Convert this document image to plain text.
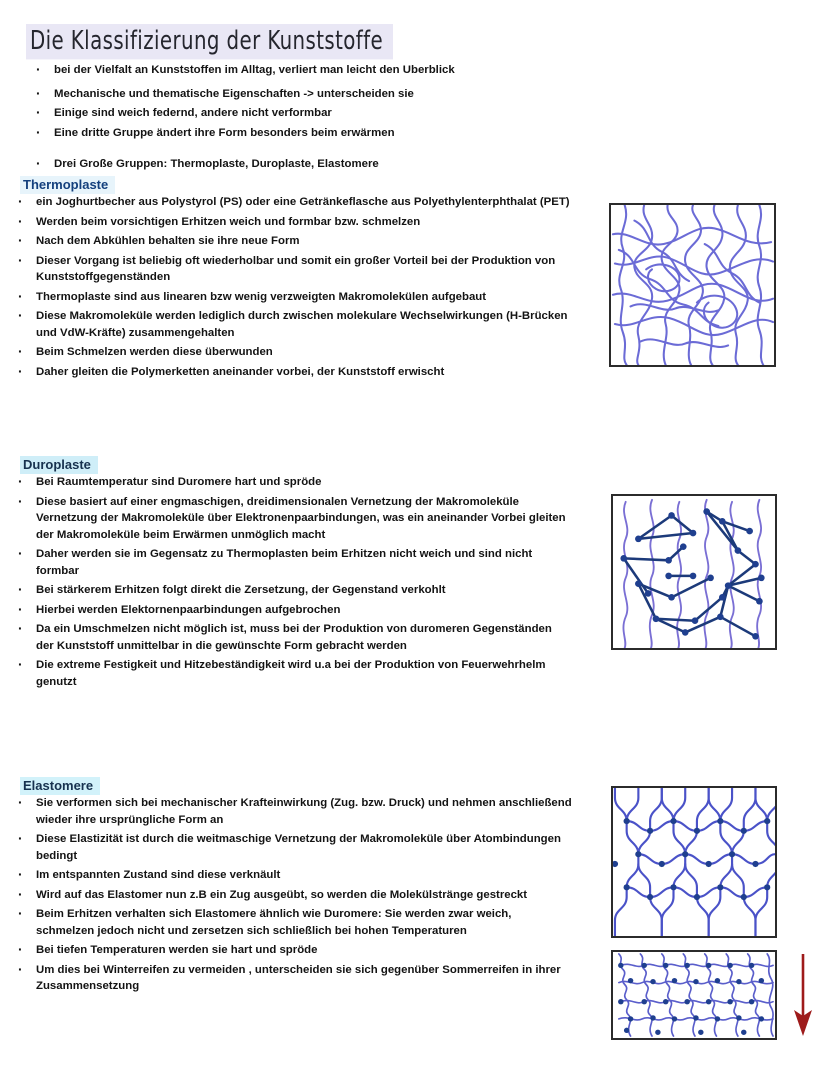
Die Klassifizierung der Kunststoffe
· bei der Vielfalt an Kunststoffen im Alltag, verliert man leicht den Uberblick
· Mechanische und thematische Eigenschaften -> unterscheiden sie
· Einige sind weich federnd, andere nicht verformbar
· Eine dritte Gruppe ändert ihre Form besonders beim erwärmen
· Drei Große Gruppen: Thermoplaste, Duroplaste, Elastomere
Thermoplaste
· ein Joghurtbecher aus Polystyrol (PS) oder eine Getränkeflasche aus Polyethylenterphthalat (PET)
· Werden beim vorsichtigen Erhitzen weich und formbar bzw. schmelzen
· Nach dem Abkühlen behalten sie ihre neue Form
· Dieser Vorgang ist beliebig oft wiederholbar und somit ein großer Vorteil bei der Produktion von Kunststoffgegenständen
· Thermoplaste sind aus linearen bzw wenig verzweigten Makromolekülen aufgebaut
· Diese Makromoleküle werden lediglich durch zwischen molekulare Wechselwirkungen (H-Brücken und VdW-Kräfte) zusammengehalten
· Beim Schmelzen werden diese überwunden
· Daher gleiten die Polymerketten aneinander vorbei, der Kunststoff erwischt
Duroplaste
· Bei Raumtemperatur sind Duromere hart und spröde
· Diese basiert auf einer engmaschigen, dreidimensionalen Vernetzung der Makromoleküle Vernetzung der Makromoleküle über Elektronenpaarbindungen, was ein aneinander Vorbei gleiten der Makromoleküle beim Erwärmen unmöglich macht
· Daher werden sie im Gegensatz zu Thermoplasten beim Erhitzen nicht weich und sind nicht formbar
· Bei stärkerem Erhitzen folgt direkt die Zersetzung, der Gegenstand verkohlt
· Hierbei werden Elektornenpaarbindungen aufgebrochen
· Da ein Umschmelzen nicht möglich ist, muss bei der Produktion von duromeren Gegenständen der Kunststoff unmittelbar in die gewünschte Form gebracht werden
· Die extreme Festigkeit und Hitzebeständigkeit wird u.a bei der Produktion von Feuerwehrhelm genutzt
Elastomere
· Sie verformen sich bei mechanischer Krafteinwirkung (Zug. bzw. Druck) und nehmen anschließend wieder ihre ursprüngliche Form an
· Diese Elastizität ist durch die weitmaschige Vernetzung der Makromoleküle über Atombindungen bedingt
· Im entspannten Zustand sind diese verknäult
· Wird auf das Elastomer nun z.B ein Zug ausgeübt, so werden die Molekülstränge gestreckt
· Beim Erhitzen verhalten sich Elastomere ähnlich wie Duromere: Sie werden zwar weich, schmelzen jedoch nicht und zersetzen sich schließlich bei hohen Temperaturen
· Bei tiefen Temperaturen werden sie hart und spröde
· Um dies bei Winterreifen zu vermeiden , unterscheiden sie sich gegenüber Sommerreifen in ihrer Zusammensetzung
